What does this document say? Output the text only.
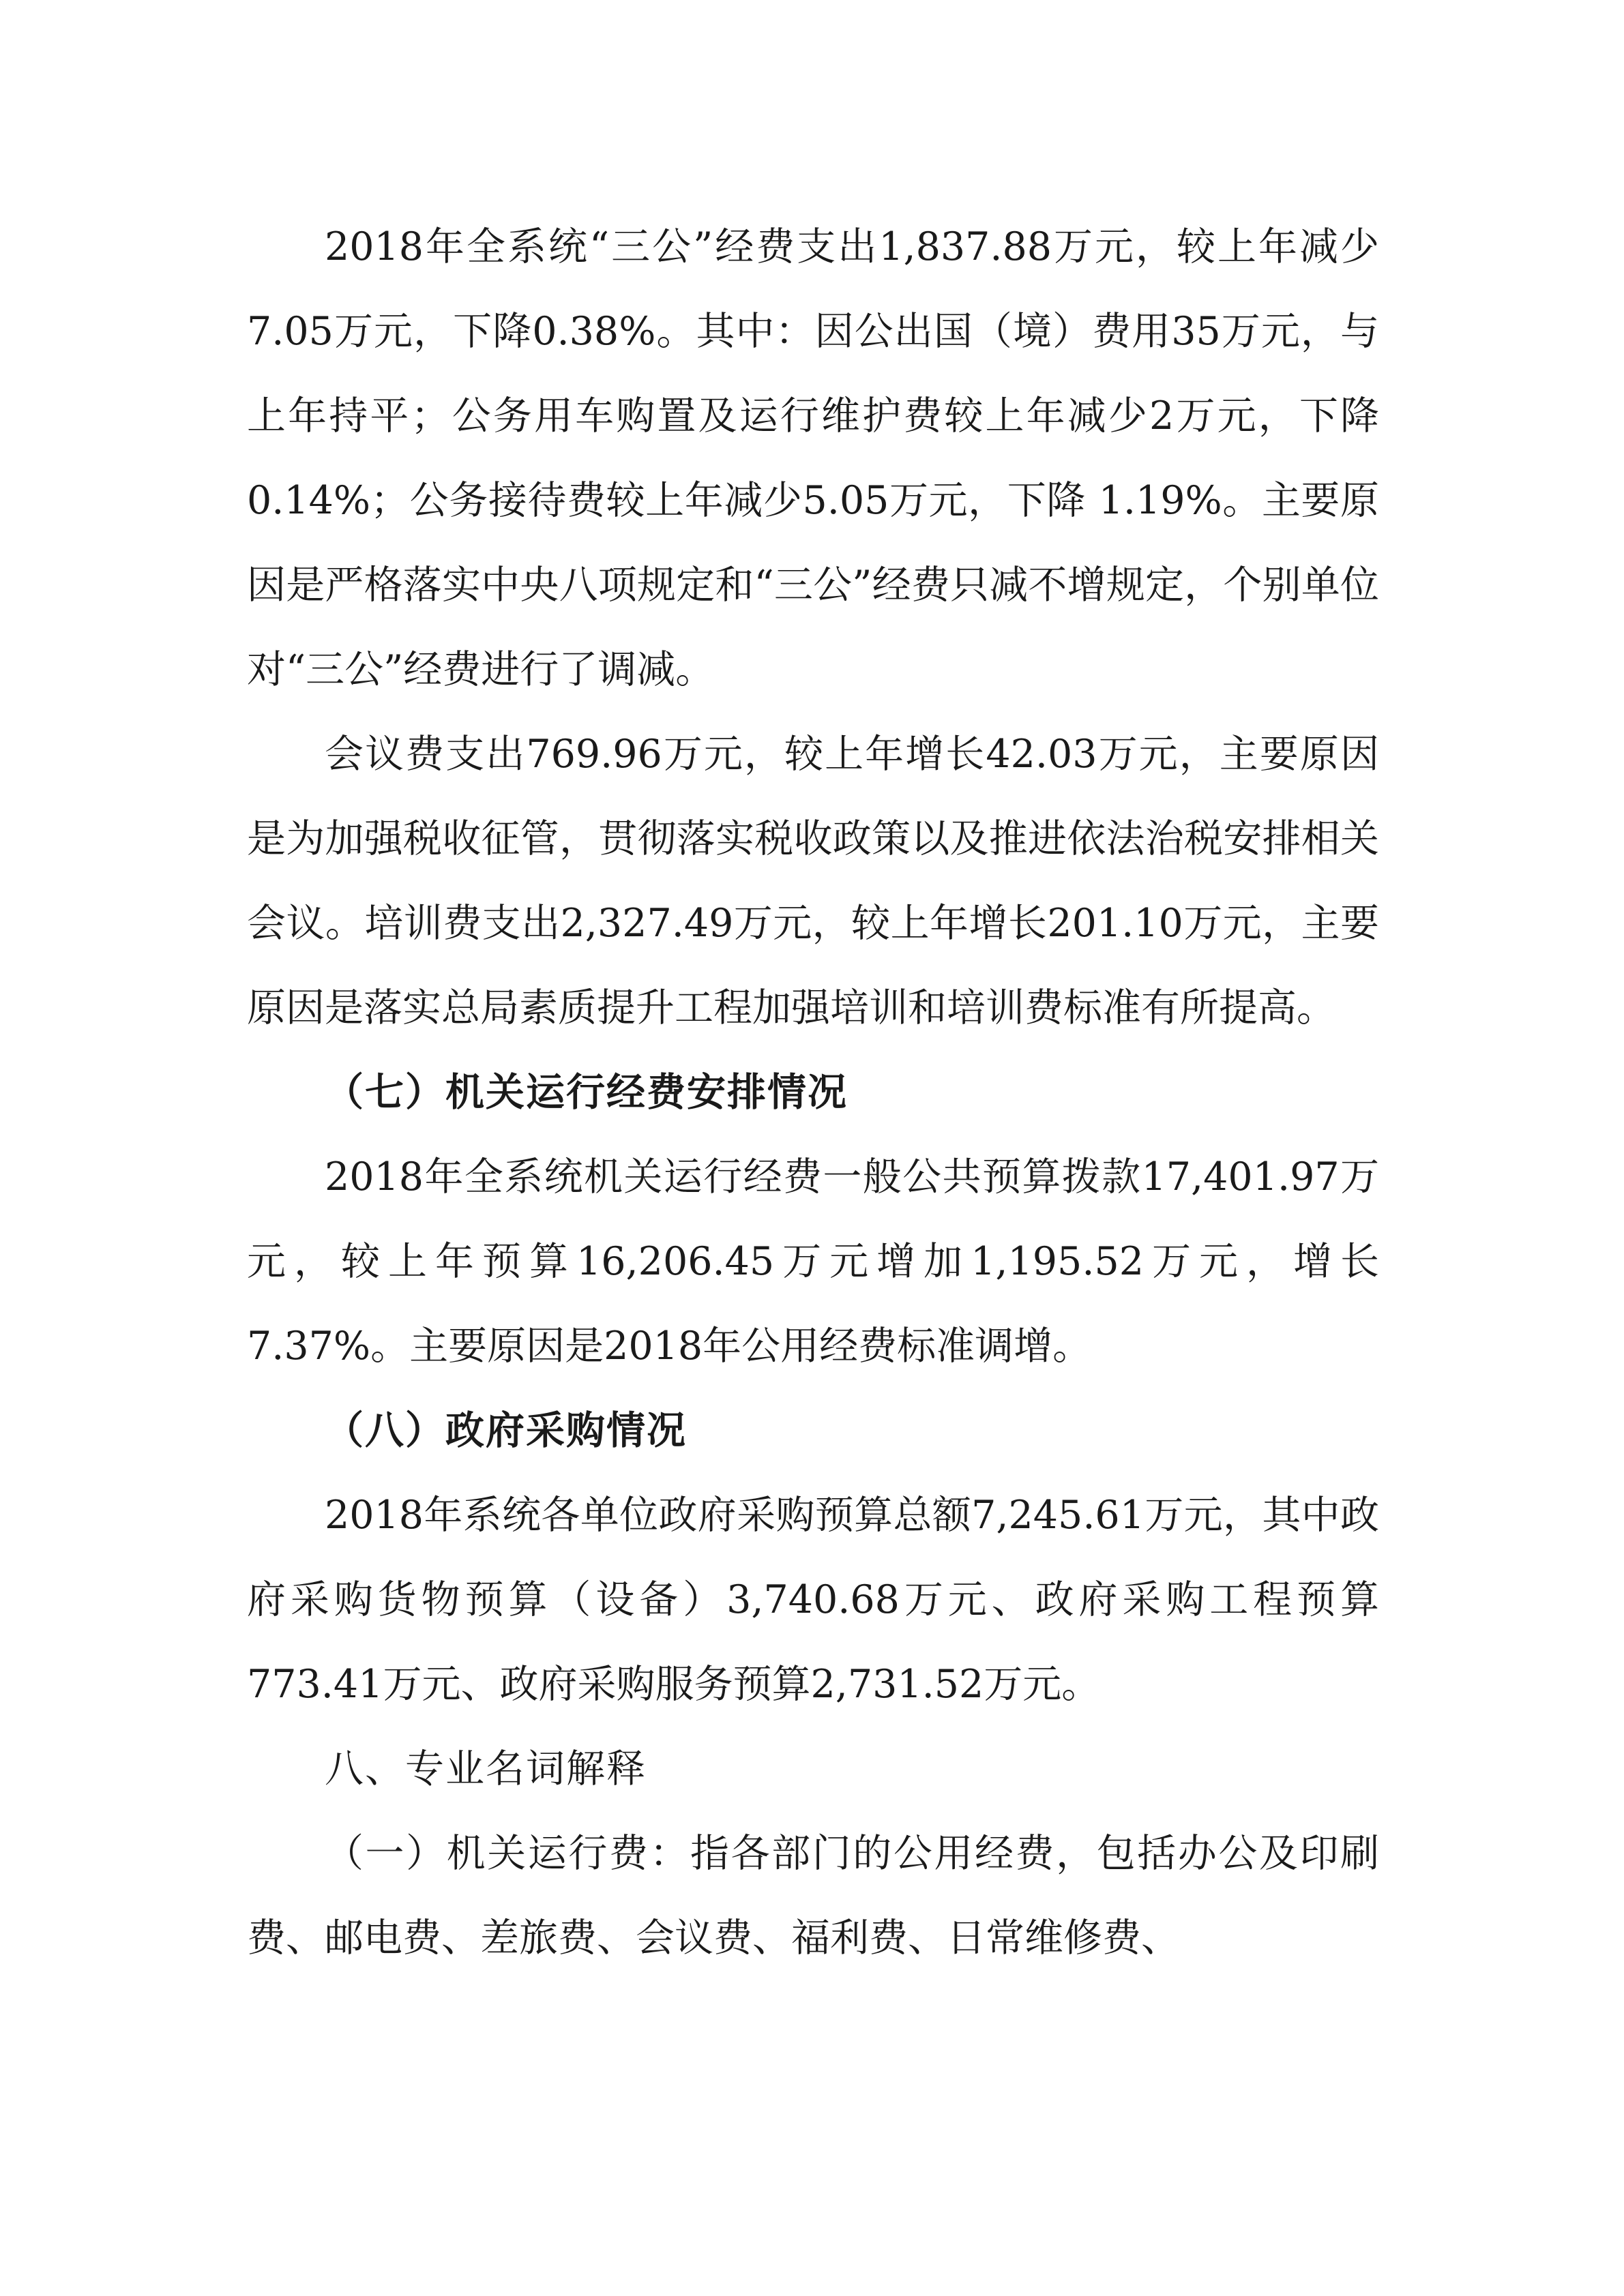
2018年全系统“三公”经费支出1,837.88万元，较上年减少7.05万元，下降0.38%。其中：因公出国（境）费用35万元，与上年持平；公务用车购置及运行维护费较上年减少2万元，下降0.14%；公务接待费较上年减少5.05万元，下降 1.19%。主要原因是严格落实中央八项规定和“三公”经费只减不增规定，个别单位对“三公”经费进行了调减。

会议费支出769.96万元，较上年增长42.03万元，主要原因是为加强税收征管，贯彻落实税收政策以及推进依法治税安排相关会议。培训费支出2,327.49万元，较上年增长201.10万元，主要原因是落实总局素质提升工程加强培训和培训费标准有所提高。

（七）机关运行经费安排情况

2018年全系统机关运行经费一般公共预算拨款17,401.97万元，较上年预算16,206.45万元增加1,195.52万元，增长7.37%。主要原因是2018年公用经费标准调增。

（八）政府采购情况

2018年系统各单位政府采购预算总额7,245.61万元，其中政府采购货物预算（设备）3,740.68万元、政府采购工程预算773.41万元、政府采购服务预算2,731.52万元。

八、专业名词解释

（一）机关运行费：指各部门的公用经费，包括办公及印刷费、邮电费、差旅费、会议费、福利费、日常维修费、
